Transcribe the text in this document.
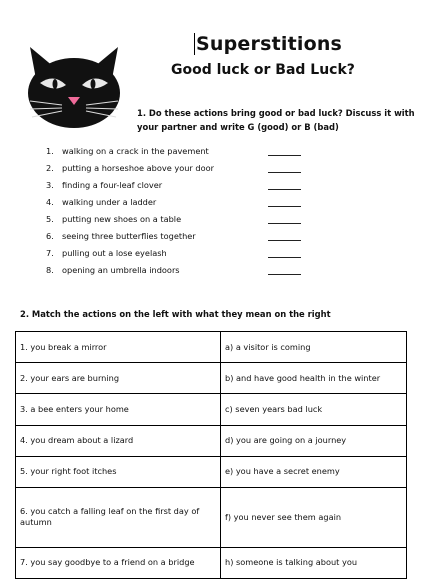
Superstitions
Good luck or Bad Luck?
1. Do these actions bring good or bad luck? Discuss it with your partner and write G (good) or B (bad)
1. walking on a crack in the pavement
2. putting a horseshoe above your door
3. finding a four-leaf clover
4. walking under a ladder
5. putting new shoes on a table
6. seeing three butterflies together
7. pulling out a lose eyelash
8. opening an umbrella indoors
2. Match the actions on the left with what they mean on the right
1. you break a mirror	a) a visitor is coming
2. your ears are burning	b) and have good health in the winter
3. a bee enters your home	c) seven years bad luck
4. you dream about a lizard	d) you are going on a journey
5. your right foot itches	e) you have a secret enemy
6. you catch a falling leaf on the first day of autumn	f) you never see them again
7. you say goodbye to a friend on a bridge	h) someone is talking about you
